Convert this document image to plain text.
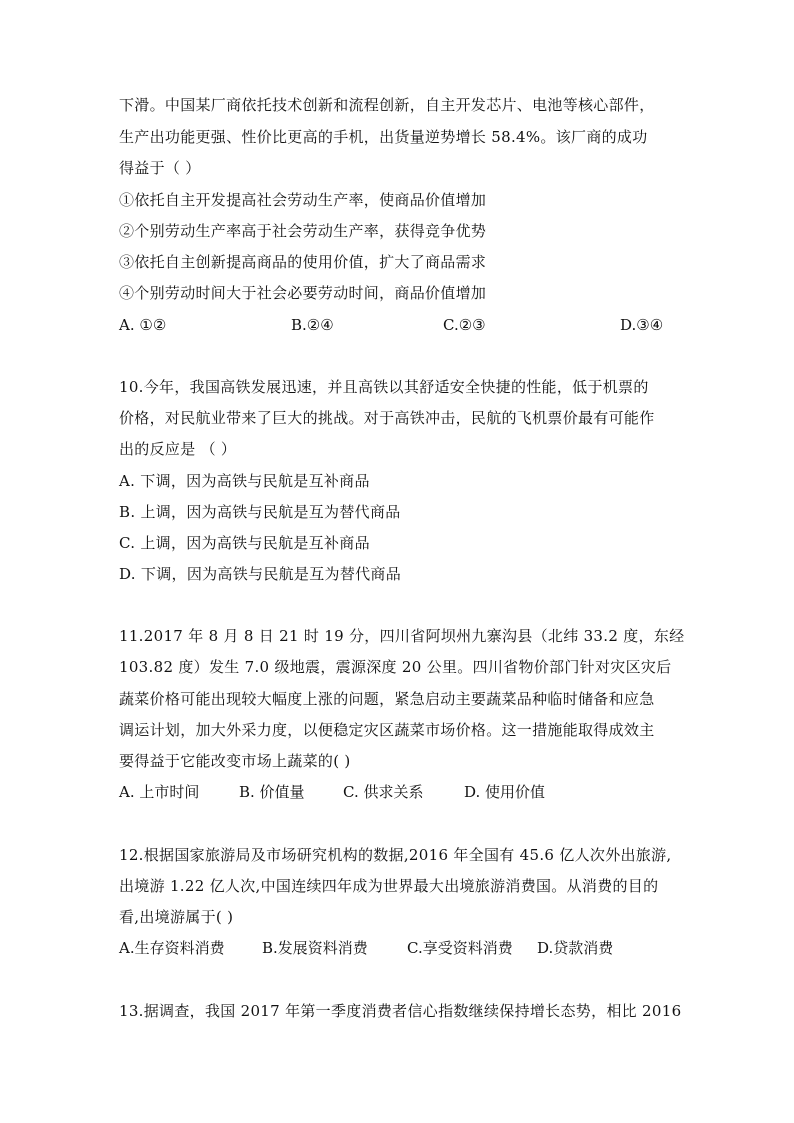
下滑。中国某厂商依托技术创新和流程创新，自主开发芯片、电池等核心部件，
生产出功能更强、性价比更高的手机，出货量逆势增长 58.4%。该厂商的成功
得益于（ ）
①依托自主开发提高社会劳动生产率，使商品价值增加
②个别劳动生产率高于社会劳动生产率，获得竞争优势
③依托自主创新提高商品的使用价值，扩大了商品需求
④个别劳动时间大于社会必要劳动时间，商品价值增加
A. ①②	B.②④	C.②③	D.③④
10.今年，我国高铁发展迅速，并且高铁以其舒适安全快捷的性能，低于机票的
价格，对民航业带来了巨大的挑战。对于高铁冲击，民航的飞机票价最有可能作
出的反应是 （ ）
A. 下调，因为高铁与民航是互补商品
B. 上调，因为高铁与民航是互为替代商品
C. 上调，因为高铁与民航是互补商品
D. 下调，因为高铁与民航是互为替代商品
11.2017 年 8 月 8 日 21 时 19 分，四川省阿坝州九寨沟县（北纬 33.2 度，东经
103.82 度）发生 7.0 级地震，震源深度 20 公里。四川省物价部门针对灾区灾后
蔬菜价格可能出现较大幅度上涨的问题，紧急启动主要蔬菜品种临时储备和应急
调运计划，加大外采力度，以便稳定灾区蔬菜市场价格。这一措施能取得成效主
要得益于它能改变市场上蔬菜的( )
A. 上市时间	B. 价值量	C. 供求关系	D. 使用价值
12.根据国家旅游局及市场研究机构的数据,2016 年全国有 45.6 亿人次外出旅游,
出境游 1.22 亿人次,中国连续四年成为世界最大出境旅游消费国。从消费的目的
看,出境游属于( )
A.生存资料消费 B.发展资料消费	C.享受资料消费 D.贷款消费
13.据调查，我国 2017 年第一季度消费者信心指数继续保持增长态势，相比 2016
